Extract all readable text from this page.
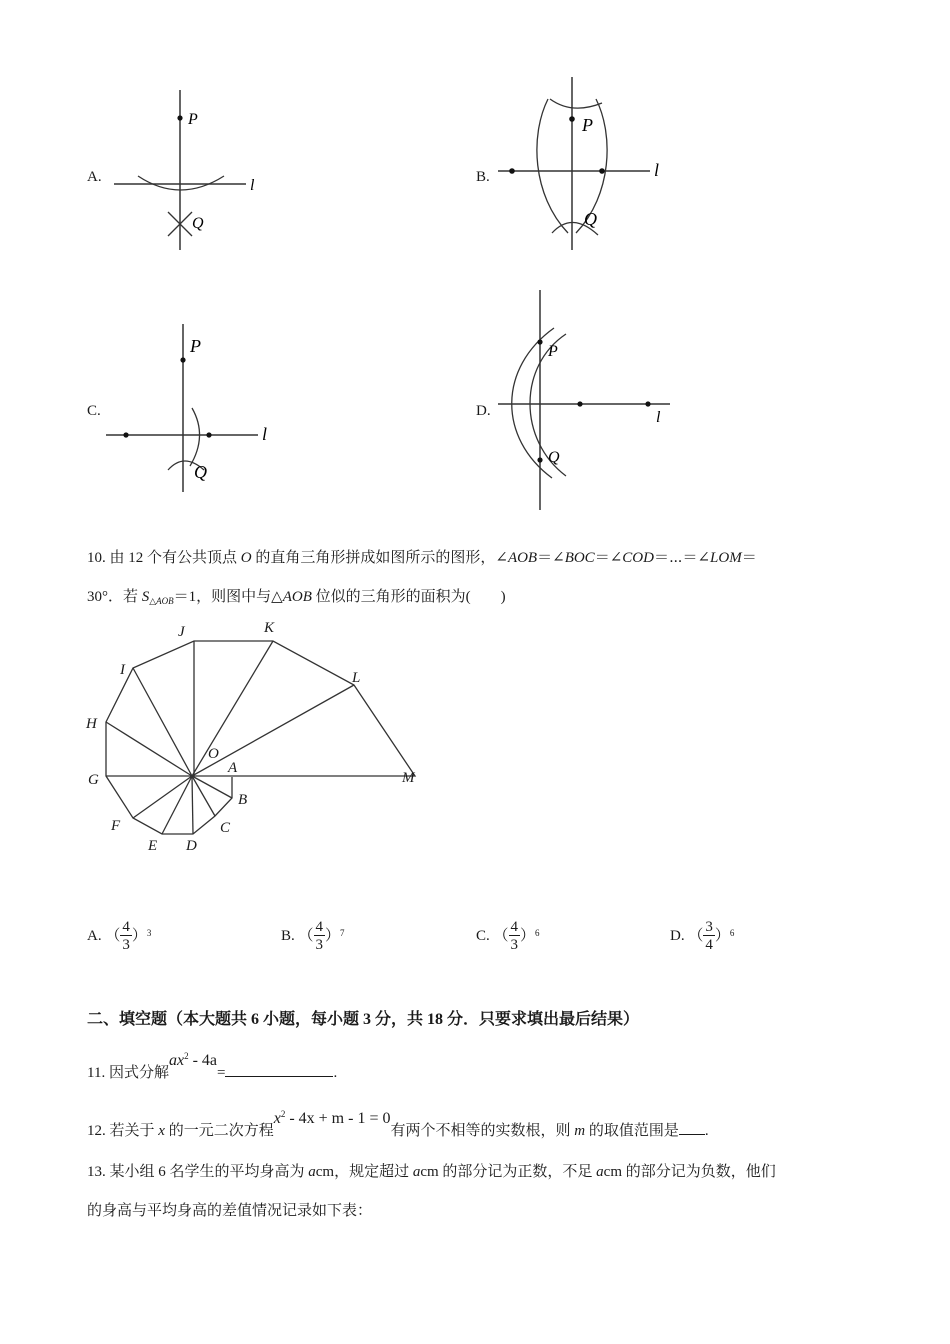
A.
P
l
Q
B.
P
l
Q
C.
P
l
Q
D.
P
l
Q
10. 由 12 个有公共顶点 O 的直角三角形拼成如图所示的图形，∠AOB＝∠BOC＝∠COD＝⋯＝∠LOM＝
30°．若 $S_{\triangle AOB}=1$，则图中与△AOB 位似的三角形的面积为(　　)
J	K
I	L
H
O
A
G	M
B
F	C
E D
A. （ $\frac{4}{3} )^3$	B. （ $\frac{4}{3} )^7$	C. （ $\frac{4}{3} )^6$	D. （ $\frac{3}{4} )^6$
二、填空题（本大题共 6 小题，每小题 3 分，共 18 分．只要求填出最后结果）
11. 因式分解$ax^2 - 4a=$	.
12. 若关于 x 的一元二次方程$x^2 - 4x + m - 1 = 0$有两个不相等的实数根，则 m 的取值范围是 .
13. 某小组 6 名学生的平均身高为 acm，规定超过 acm 的部分记为正数，不足 acm 的部分记为负数，他们
的身高与平均身高的差值情况记录如下表：
